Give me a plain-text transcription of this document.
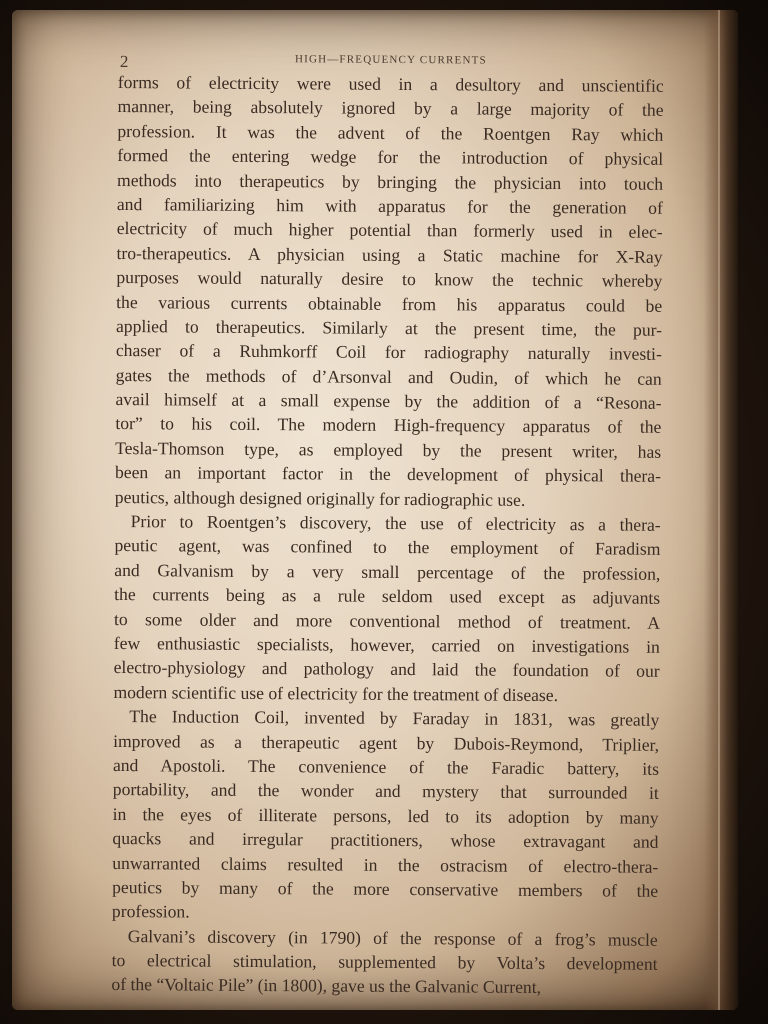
2	HIGH—FREQUENCY CURRENTS
forms of electricity were used in a desultory and unscientific
manner, being absolutely ignored by a large majority of the
profession. It was the advent of the Roentgen Ray which
formed the entering wedge for the introduction of physical
methods into therapeutics by bringing the physician into touch
and familiarizing him with apparatus for the generation of
electricity of much higher potential than formerly used in elec-
tro-therapeutics. A physician using a Static machine for X-Ray
purposes would naturally desire to know the technic whereby
the various currents obtainable from his apparatus could be
applied to therapeutics. Similarly at the present time, the pur-
chaser of a Ruhmkorff Coil for radiography naturally investi-
gates the methods of d’Arsonval and Oudin, of which he can
avail himself at a small expense by the addition of a “Resona-
tor” to his coil. The modern High-frequency apparatus of the
Tesla-Thomson type, as employed by the present writer, has
been an important factor in the development of physical thera-
peutics, although designed originally for radiographic use.
Prior to Roentgen’s discovery, the use of electricity as a thera-
peutic agent, was confined to the employment of Faradism
and Galvanism by a very small percentage of the profession,
the currents being as a rule seldom used except as adjuvants
to some older and more conventional method of treatment. A
few enthusiastic specialists, however, carried on investigations in
electro-physiology and pathology and laid the foundation of our
modern scientific use of electricity for the treatment of disease.
The Induction Coil, invented by Faraday in 1831, was greatly
improved as a therapeutic agent by Dubois-Reymond, Triplier,
and Apostoli. The convenience of the Faradic battery, its
portability, and the wonder and mystery that surrounded it
in the eyes of illiterate persons, led to its adoption by many
quacks and irregular practitioners, whose extravagant and
unwarranted claims resulted in the ostracism of electro-thera-
peutics by many of the more conservative members of the
profession.
Galvani’s discovery (in 1790) of the response of a frog’s muscle
to electrical stimulation, supplemented by Volta’s development
of the “Voltaic Pile” (in 1800), gave us the Galvanic Current,
